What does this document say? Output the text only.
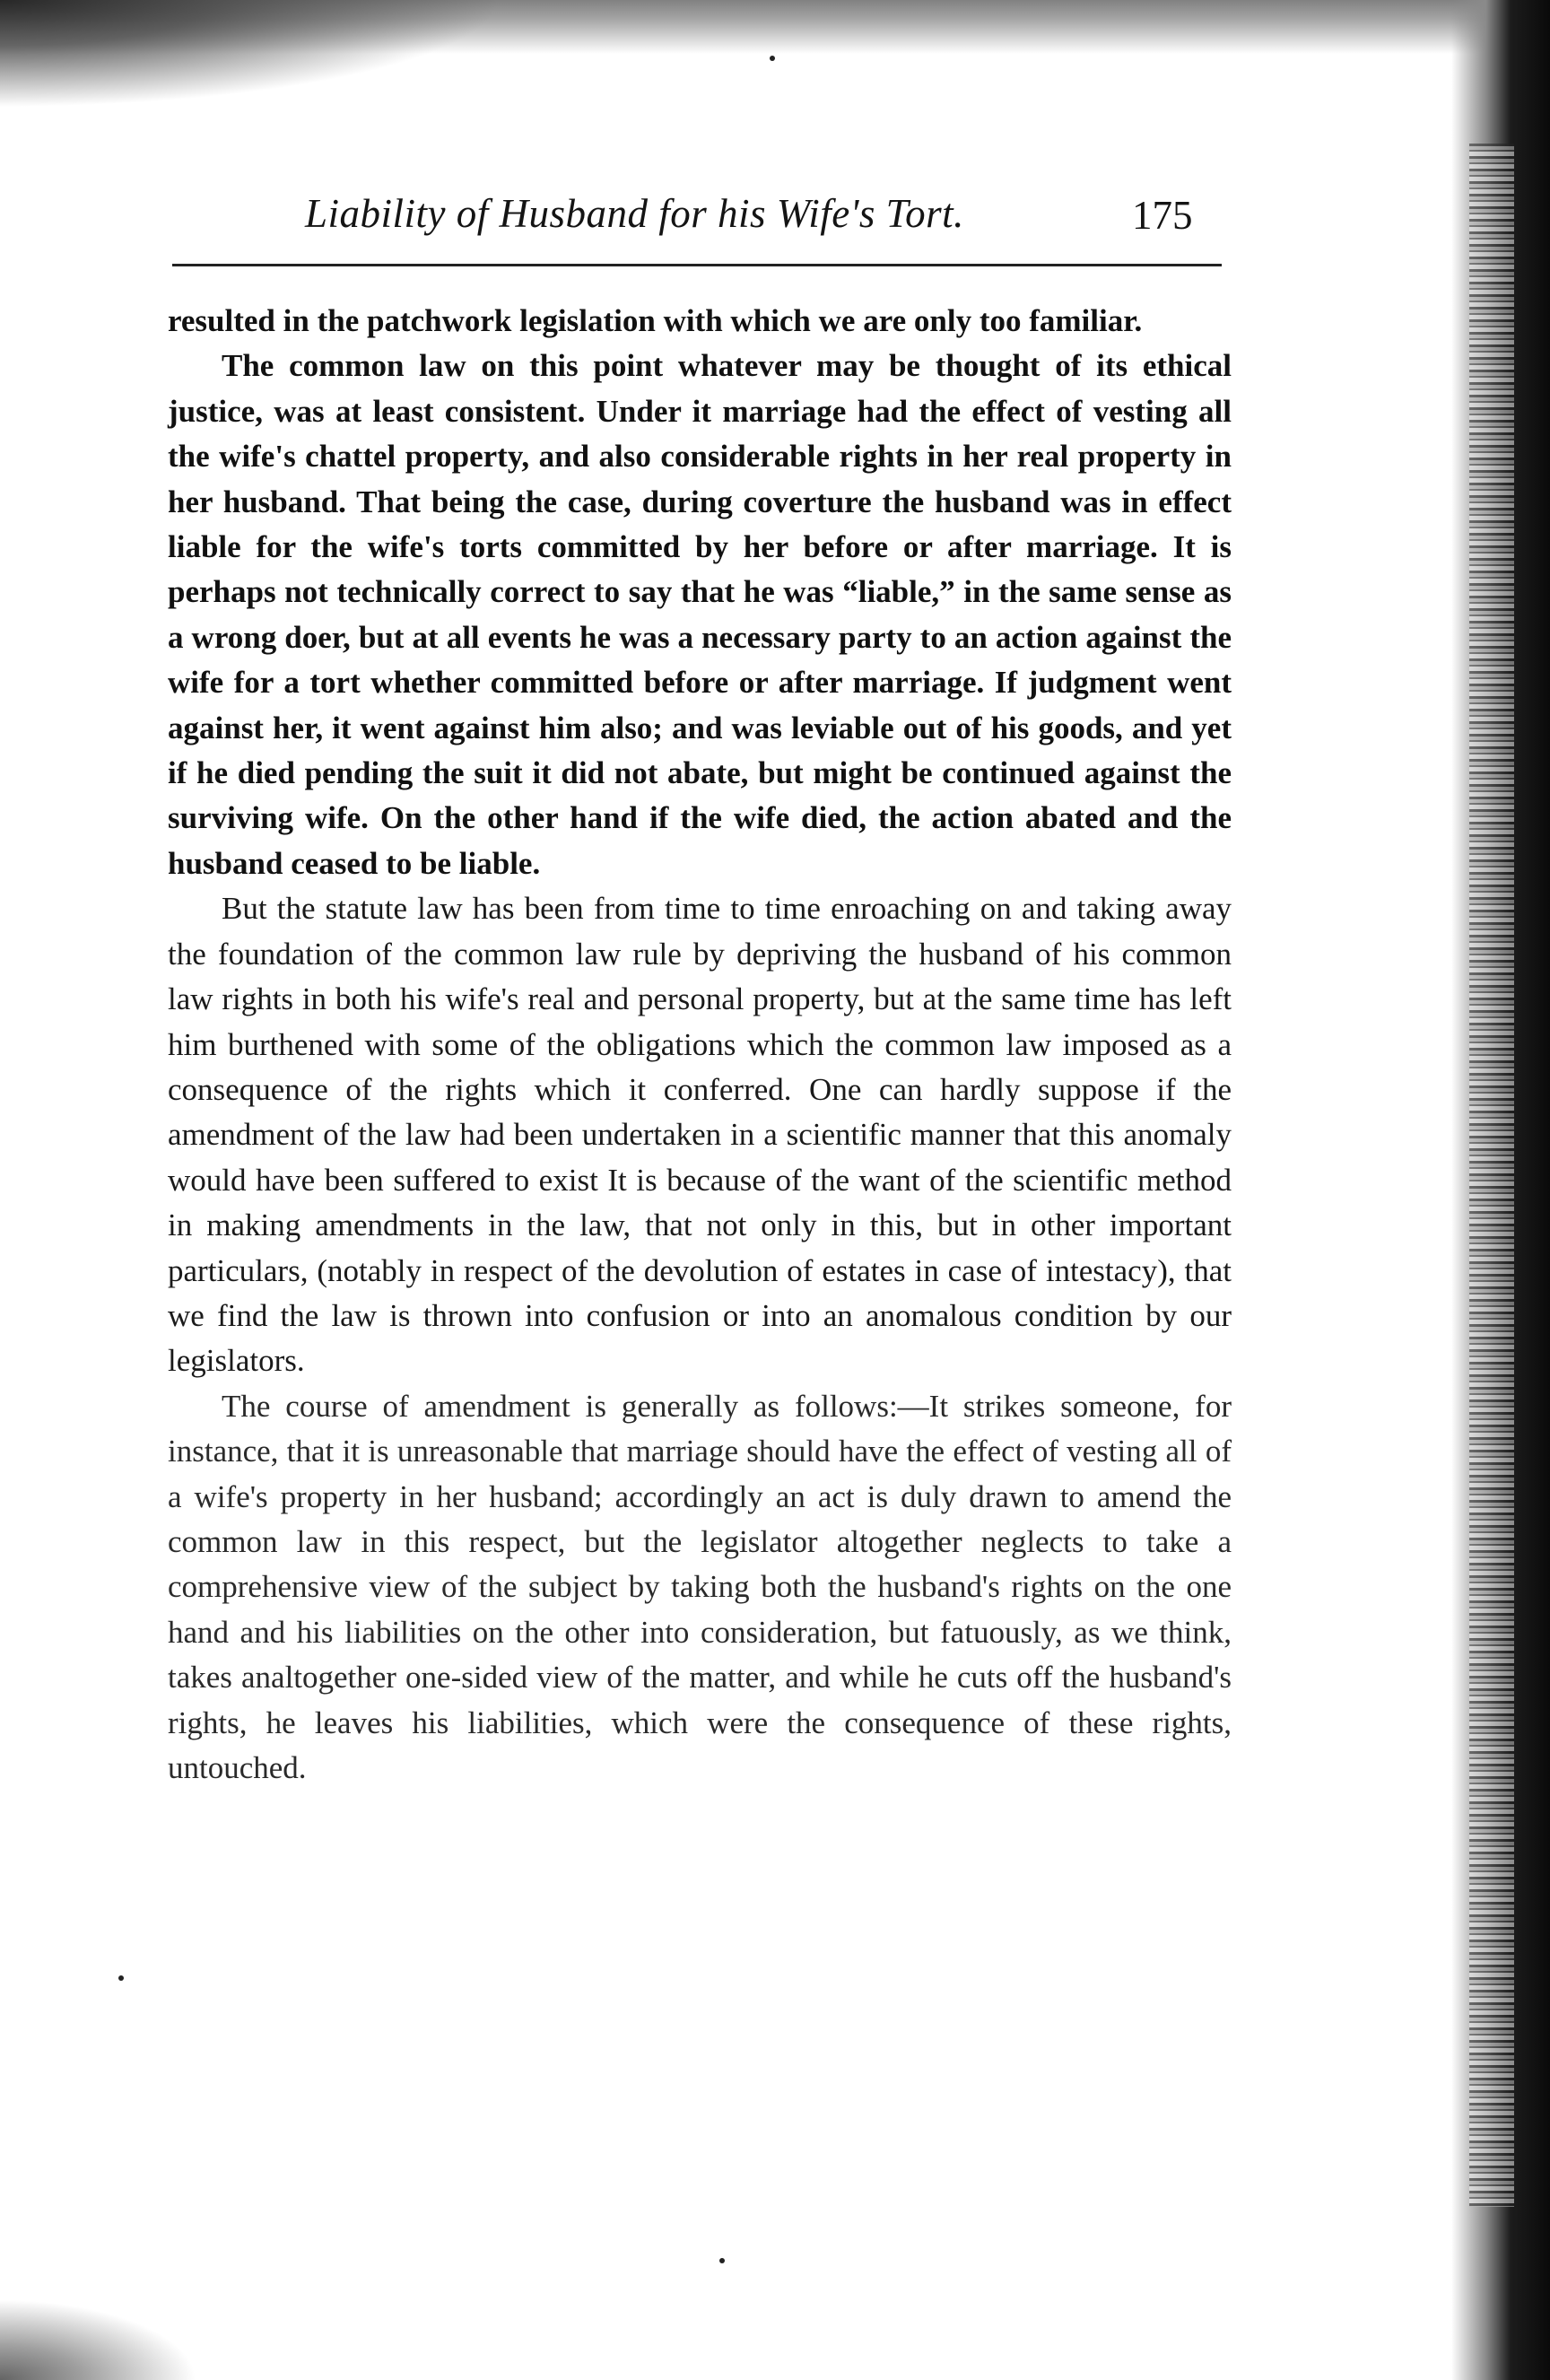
Liability of Husband for his Wife's Tort.	175

resulted in the patchwork legislation with which we are only too familiar.

The common law on this point whatever may be thought of its ethical justice, was at least consistent. Under it marriage had the effect of vesting all the wife's chattel property, and also considerable rights in her real property in her husband. That being the case, during coverture the husband was in effect liable for the wife's torts committed by her before or after marriage. It is perhaps not technically correct to say that he was “liable,” in the same sense as a wrong doer, but at all events he was a necessary party to an action against the wife for a tort whether committed before or after marriage. If judgment went against her, it went against him also; and was leviable out of his goods, and yet if he died pending the suit it did not abate, but might be continued against the surviving wife. On the other hand if the wife died, the action abated and the husband ceased to be liable.

But the statute law has been from time to time enroaching on and taking away the foundation of the common law rule by depriving the husband of his common law rights in both his wife's real and personal property, but at the same time has left him burthened with some of the obligations which the common law imposed as a consequence of the rights which it conferred. One can hardly suppose if the amendment of the law had been undertaken in a scientific manner that this anomaly would have been suffered to exist It is because of the want of the scientific method in making amendments in the law, that not only in this, but in other important particulars, (notably in respect of the devolution of estates in case of intestacy), that we find the law is thrown into confusion or into an anomalous condition by our legislators.

The course of amendment is generally as follows:—It strikes someone, for instance, that it is unreasonable that marriage should have the effect of vesting all of a wife's property in her husband; accordingly an act is duly drawn to amend the common law in this respect, but the legislator altogether neglects to take a comprehensive view of the subject by taking both the husband's rights on the one hand and his liabilities on the other into consideration, but fatuously, as we think, takes analtogether one-sided view of the matter, and while he cuts off the husband's rights, he leaves his liabilities, which were the consequence of these rights, untouched.
